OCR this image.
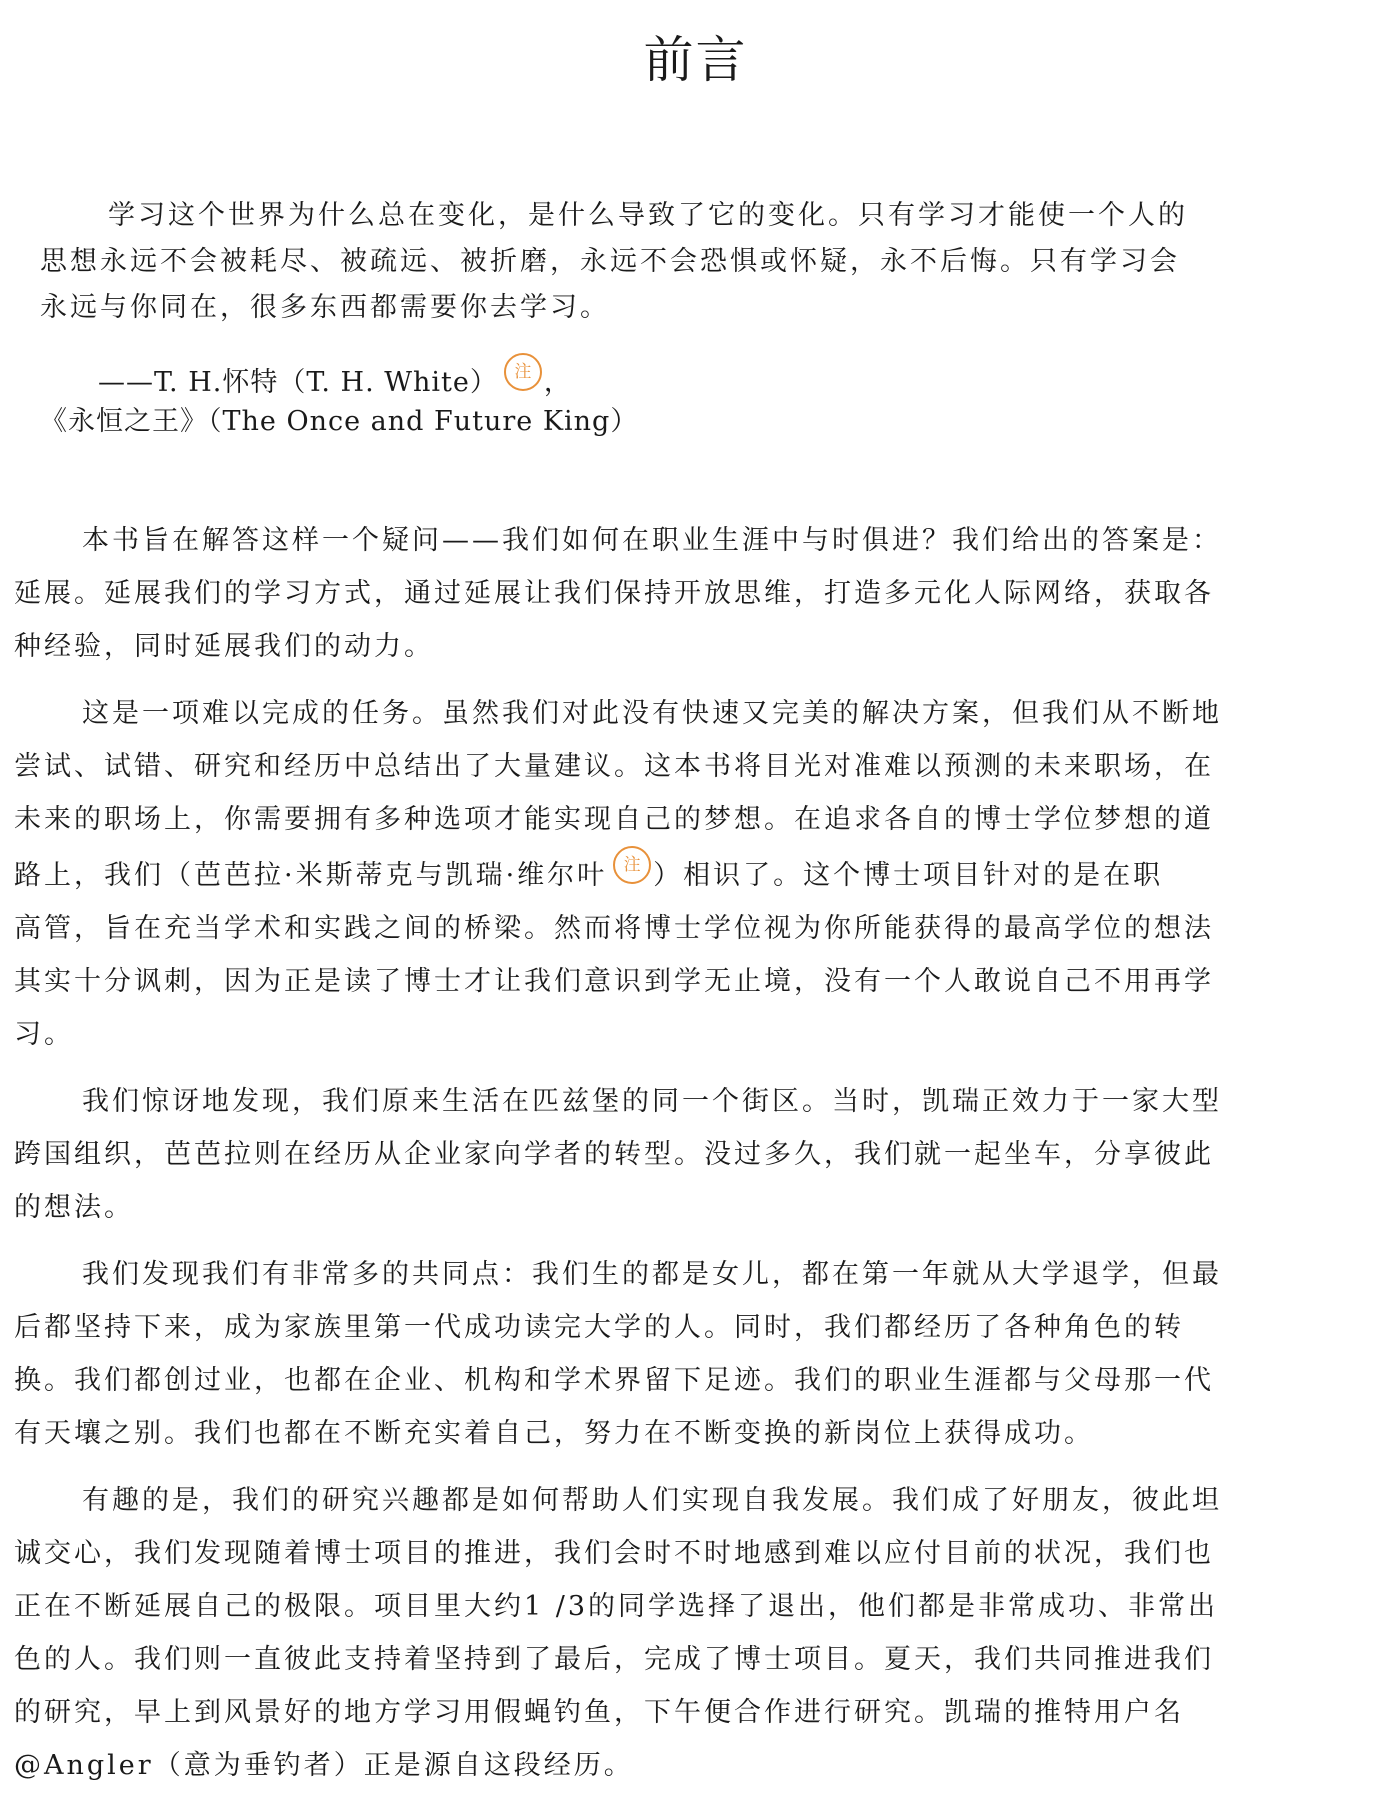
前言
学习这个世界为什么总在变化，是什么导致了它的变化。只有学习才能使一个人的
思想永远不会被耗尽、被疏远、被折磨，永远不会恐惧或怀疑，永不后悔。只有学习会
永远与你同在，很多东西都需要你去学习。
——T. H.怀特（T. H. White） 注 ，
《永恒之王》（The Once and Future King）

本书旨在解答这样一个疑问——我们如何在职业生涯中与时俱进？我们给出的答案是：
延展。延展我们的学习方式，通过延展让我们保持开放思维，打造多元化人际网络，获取各
种经验，同时延展我们的动力。

这是一项难以完成的任务。虽然我们对此没有快速又完美的解决方案，但我们从不断地
尝试、试错、研究和经历中总结出了大量建议。这本书将目光对准难以预测的未来职场，在
未来的职场上，你需要拥有多种选项才能实现自己的梦想。在追求各自的博士学位梦想的道
路上，我们（芭芭拉·米斯蒂克与凯瑞·维尔叶 注 ）相识了。这个博士项目针对的是在职
高管，旨在充当学术和实践之间的桥梁。然而将博士学位视为你所能获得的最高学位的想法
其实十分讽刺，因为正是读了博士才让我们意识到学无止境，没有一个人敢说自己不用再学
习。

我们惊讶地发现，我们原来生活在匹兹堡的同一个街区。当时，凯瑞正效力于一家大型
跨国组织，芭芭拉则在经历从企业家向学者的转型。没过多久，我们就一起坐车，分享彼此
的想法。

我们发现我们有非常多的共同点：我们生的都是女儿，都在第一年就从大学退学，但最
后都坚持下来，成为家族里第一代成功读完大学的人。同时，我们都经历了各种角色的转
换。我们都创过业，也都在企业、机构和学术界留下足迹。我们的职业生涯都与父母那一代
有天壤之别。我们也都在不断充实着自己，努力在不断变换的新岗位上获得成功。

有趣的是，我们的研究兴趣都是如何帮助人们实现自我发展。我们成了好朋友，彼此坦
诚交心，我们发现随着博士项目的推进，我们会时不时地感到难以应付目前的状况，我们也
正在不断延展自己的极限。项目里大约1 /3的同学选择了退出，他们都是非常成功、非常出
色的人。我们则一直彼此支持着坚持到了最后，完成了博士项目。夏天，我们共同推进我们
的研究，早上到风景好的地方学习用假蝇钓鱼，下午便合作进行研究。凯瑞的推特用户名
@Angler（意为垂钓者）正是源自这段经历。
